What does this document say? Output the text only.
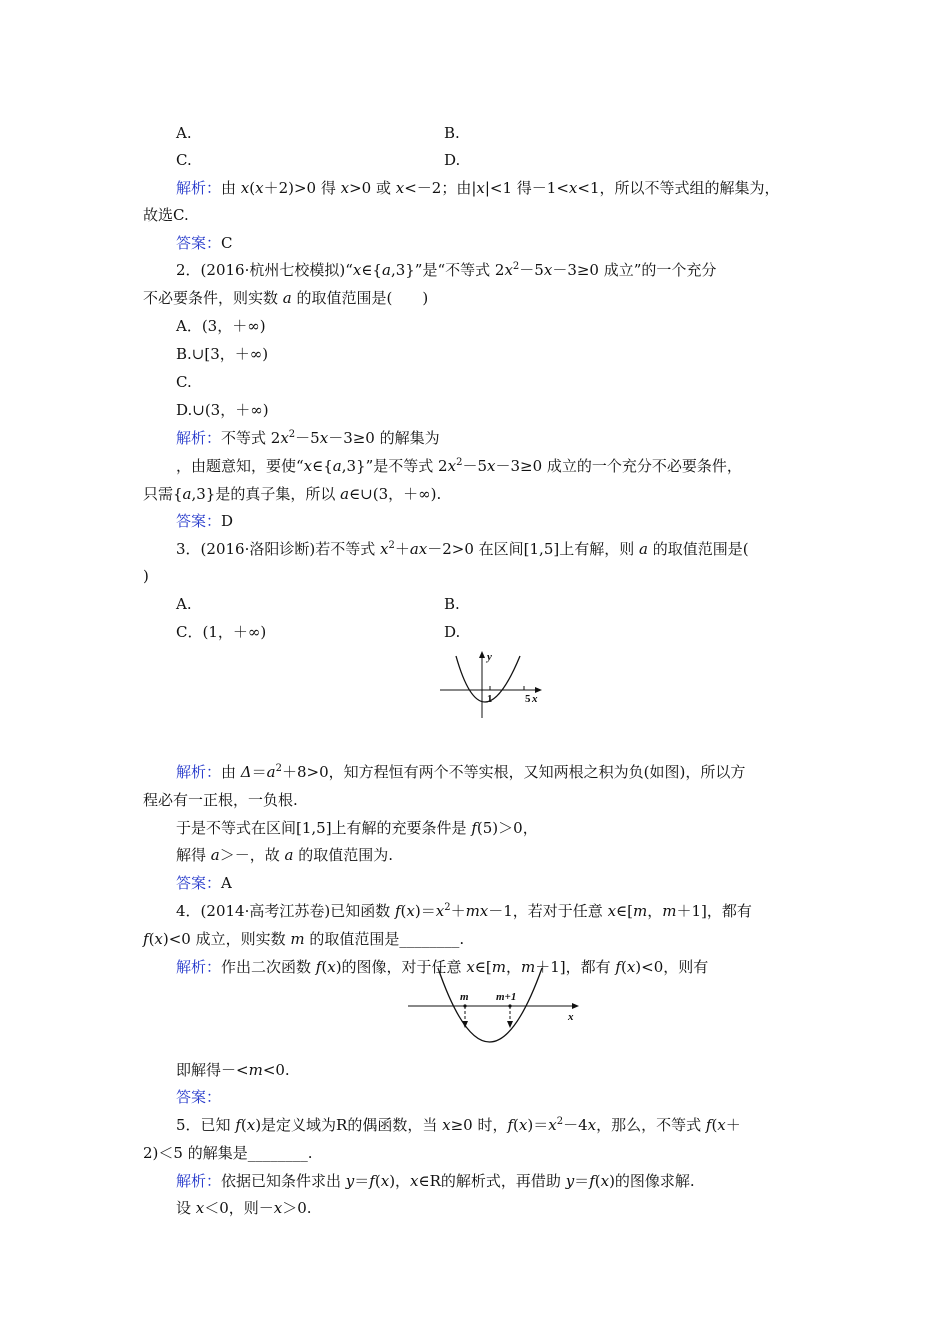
A.	B.
C.	D.
解析：由 x(x＋2)>0 得 x>0 或 x<－2；由|x|<1 得－1<x<1，所以不等式组的解集为，
故选C.
答案：C
2．(2016·杭州七校模拟)“x∈{a,3}”是“不等式 $2x^2-5x-3\ge 0$ 成立”的一个充分
不必要条件，则实数 a 的取值范围是(　　)
A．(3，＋∞)
B.∪[3，＋∞)
C.
D.∪(3，＋∞)
解析：不等式 $2x^2-5x-3\ge 0$ 的解集为
，由题意知，要使“x∈{a,3}”是不等式 $2x^2-5x-3\ge 0$ 成立的一个充分不必要条件，
只需{a,3}是的真子集，所以 a∈∪(3，＋∞).
答案：D
3．(2016·洛阳诊断)若不等式 $x^2+ax-2>0$ 在区间[1,5]上有解，则 a 的取值范围是(
)
A.	B.
C．(1，＋∞)	D.
y
1	5 x
解析：由 $\Delta=a^2+8>0$，知方程恒有两个不等实根，又知两根之积为负(如图)，所以方
程必有一正根，一负根.
于是不等式在区间[1,5]上有解的充要条件是 f(5)＞0，
解得 a＞－，故 a 的取值范围为.
答案：A
4．(2014·高考江苏卷)已知函数 $f(x)=x^2+mx-1$，若对于任意 x∈[m，m＋1]，都有
f(x)<0 成立，则实数 m 的取值范围是________.
解析：作出二次函数 f(x)的图像，对于任意 x∈[m，m＋1]，都有 f(x)<0，则有
m m+1
x
即解得－<m<0.
答案：
5．已知 f(x)是定义域为R的偶函数，当 x≥0 时，$f(x)=x^2-4x$，那么，不等式 f(x＋
2)＜5 的解集是________.
解析：依据已知条件求出 y＝f(x)，x∈R的解析式，再借助 y＝f(x)的图像求解.
设 x＜0，则－x＞0.
